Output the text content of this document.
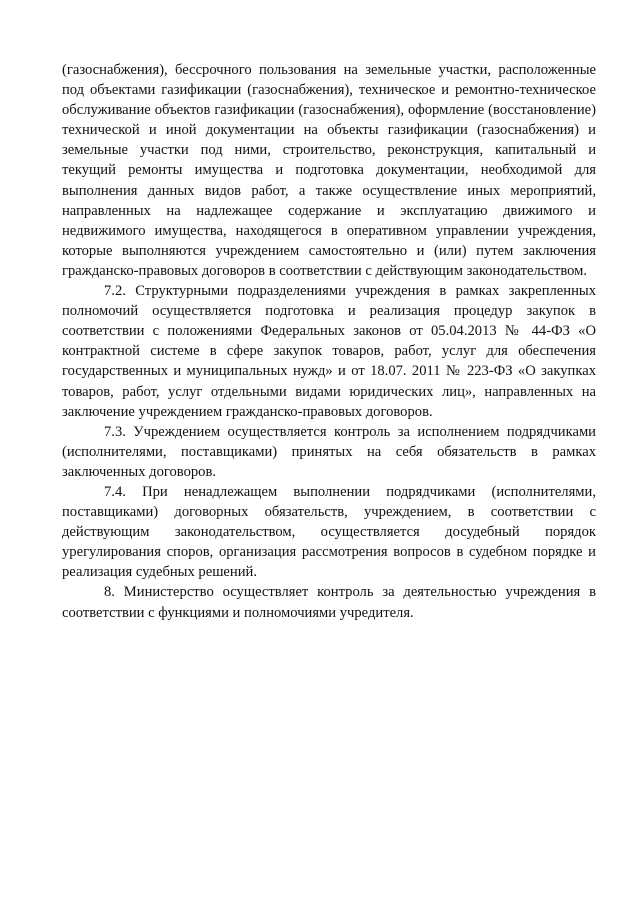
(газоснабжения), бессрочного пользования на земельные участки, расположенные под объектами газификации (газоснабжения), техническое и ремонтно-техническое обслуживание объектов газификации (газоснабжения), оформление (восстановление) технической и иной документации на объекты газификации (газоснабжения) и земельные участки под ними, строительство, реконструкция, капитальный и текущий ремонты имущества и подготовка документации, необходимой для выполнения данных видов работ, а также осуществление иных мероприятий, направленных на надлежащее содержание и эксплуатацию движимого и недвижимого имущества, находящегося в оперативном управлении учреждения, которые выполняются учреждением самостоятельно и (или) путем заключения гражданско-правовых договоров в соответствии с действующим законодательством.

7.2. Структурными подразделениями учреждения в рамках закрепленных полномочий осуществляется подготовка и реализация процедур закупок в соответствии с положениями Федеральных законов от 05.04.2013 № 44-ФЗ «О контрактной системе в сфере закупок товаров, работ, услуг для обеспечения государственных и муниципальных нужд» и от 18.07. 2011 № 223-ФЗ «О закупках товаров, работ, услуг отдельными видами юридических лиц», направленных на заключение учреждением гражданско-правовых договоров.

7.3. Учреждением осуществляется контроль за исполнением подрядчиками (исполнителями, поставщиками) принятых на себя обязательств в рамках заключенных договоров.

7.4. При ненадлежащем выполнении подрядчиками (исполнителями, поставщиками) договорных обязательств, учреждением, в соответствии с действующим законодательством, осуществляется досудебный порядок урегулирования споров, организация рассмотрения вопросов в судебном порядке и реализация судебных решений.

8. Министерство осуществляет контроль за деятельностью учреждения в соответствии с функциями и полномочиями учредителя.
